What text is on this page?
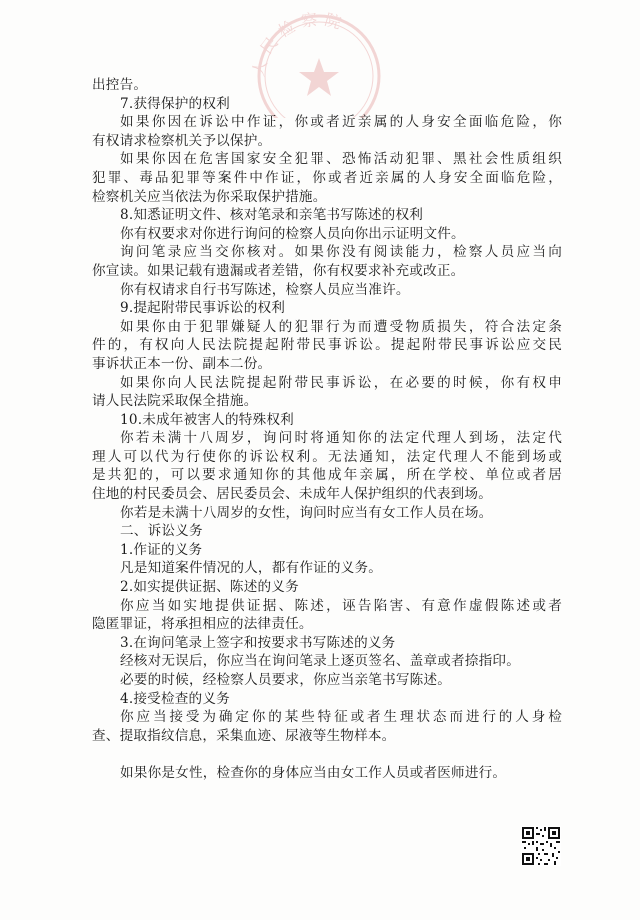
人民检察院
出控告。
7.获得保护的权利
如果你因在诉讼中作证，你或者近亲属的人身安全面临危险，你
有权请求检察机关予以保护。
如果你因在危害国家安全犯罪、恐怖活动犯罪、黑社会性质组织
犯罪、毒品犯罪等案件中作证，你或者近亲属的人身安全面临危险，
检察机关应当依法为你采取保护措施。
8.知悉证明文件、核对笔录和亲笔书写陈述的权利
你有权要求对你进行询问的检察人员向你出示证明文件。
询问笔录应当交你核对。如果你没有阅读能力，检察人员应当向
你宣读。如果记载有遗漏或者差错，你有权要求补充或改正。
你有权请求自行书写陈述，检察人员应当准许。
9.提起附带民事诉讼的权利
如果你由于犯罪嫌疑人的犯罪行为而遭受物质损失，符合法定条
件的，有权向人民法院提起附带民事诉讼。提起附带民事诉讼应交民
事诉状正本一份、副本二份。
如果你向人民法院提起附带民事诉讼，在必要的时候，你有权申
请人民法院采取保全措施。
10.未成年被害人的特殊权利
你若未满十八周岁，询问时将通知你的法定代理人到场，法定代
理人可以代为行使你的诉讼权利。无法通知，法定代理人不能到场或
是共犯的，可以要求通知你的其他成年亲属，所在学校、单位或者居
住地的村民委员会、居民委员会、未成年人保护组织的代表到场。
你若是未满十八周岁的女性，询问时应当有女工作人员在场。
二、诉讼义务
1.作证的义务
凡是知道案件情况的人，都有作证的义务。
2.如实提供证据、陈述的义务
你应当如实地提供证据、陈述，诬告陷害、有意作虚假陈述或者
隐匿罪证，将承担相应的法律责任。
3.在询问笔录上签字和按要求书写陈述的义务
经核对无误后，你应当在询问笔录上逐页签名、盖章或者捺指印。
必要的时候，经检察人员要求，你应当亲笔书写陈述。
4.接受检查的义务
你应当接受为确定你的某些特征或者生理状态而进行的人身检
查、提取指纹信息，采集血迹、尿液等生物样本。
如果你是女性，检查你的身体应当由女工作人员或者医师进行。
